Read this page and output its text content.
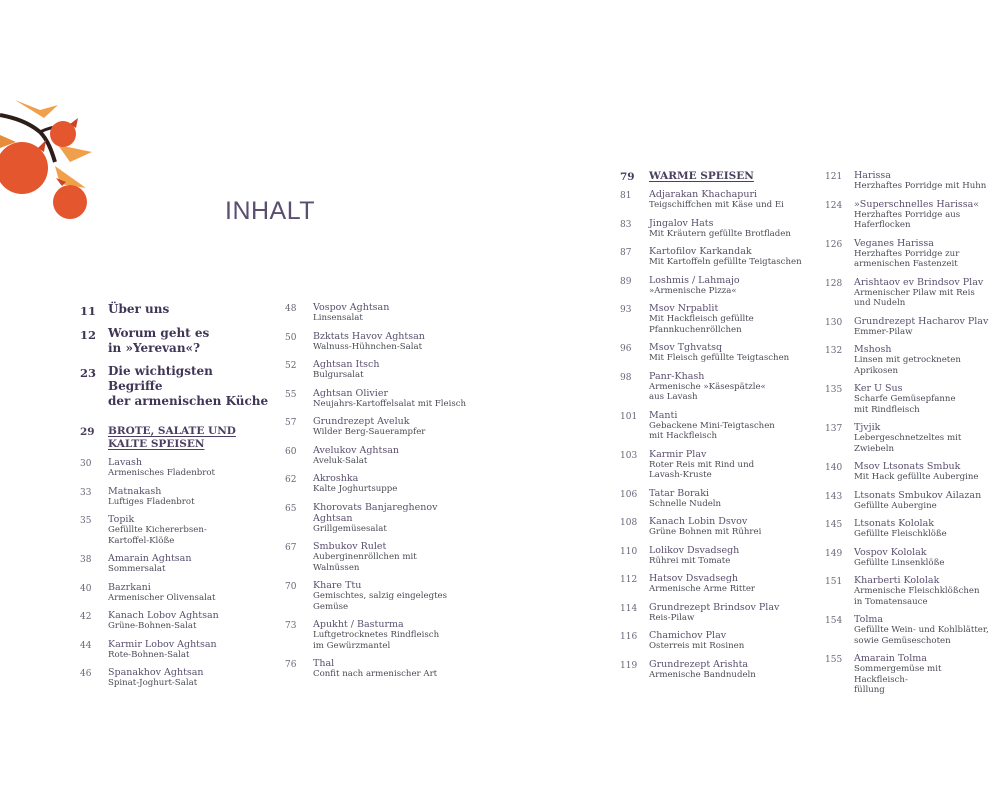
INHALT
11 Über uns
12 Worum geht es
in »Yerevan«?
23 Die wichtigsten Begriffe
der armenischen Küche
29	BROTE, SALATE UND
KALTE SPEISEN
30	Lavash
Armenisches Fladenbrot
33	Matnakash
Luftiges Fladenbrot
35	Topik
Gefüllte Kichererbsen-
Kartoffel-Klöße
38	Amarain Aghtsan
Sommersalat
40	Bazrkani
Armenischer Olivensalat
42	Kanach Lobov Aghtsan
Grüne-Bohnen-Salat
44	Karmir Lobov Aghtsan
Rote-Bohnen-Salat
46	Spanakhov Aghtsan
Spinat-Joghurt-Salat
48	Vospov Aghtsan
Linsensalat
50	Bzktats Havov Aghtsan
Walnuss-Hühnchen-Salat
52	Aghtsan Itsch
Bulgursalat
55	Aghtsan Olivier
Neujahrs-Kartoffelsalat mit Fleisch
57	Grundrezept Aveluk
Wilder Berg-Sauerampfer
60	Avelukov Aghtsan
Aveluk-Salat
62	Akroshka
Kalte Joghurtsuppe
65	Khorovats Banjareghenov
Aghtsan
Grillgemüsesalat
67	Smbukov Rulet
Auberginenröllchen mit
Walnüssen
70	Khare Ttu
Gemischtes, salzig eingelegtes
Gemüse
73	Apukht / Basturma
Luftgetrocknetes Rindfleisch
im Gewürzmantel
76	Thal
Confit nach armenischer Art
79	WARME SPEISEN
81	Adjarakan Khachapuri
Teigschiffchen mit Käse und Ei
83	Jingalov Hats
Mit Kräutern gefüllte Brotfladen
87	Kartofilov Karkandak
Mit Kartoffeln gefüllte Teigtaschen
89	Loshmis / Lahmajo
»Armenische Pizza«
93	Msov Nrpablit
Mit Hackfleisch gefüllte
Pfannkuchenröllchen
96	Msov Tghvatsq
Mit Fleisch gefüllte Teigtaschen
98	Panr-Khash
Armenische »Käsespätzle«
aus Lavash
101	Manti
Gebackene Mini-Teigtaschen
mit Hackfleisch
103	Karmir Plav
Roter Reis mit Rind und
Lavash-Kruste
106	Tatar Boraki
Schnelle Nudeln
108	Kanach Lobin Dsvov
Grüne Bohnen mit Rührei
110	Lolikov Dsvadsegh
Rührei mit Tomate
112	Hatsov Dsvadsegh
Armenische Arme Ritter
114	Grundrezept Brindsov Plav
Reis-Pilaw
116	Chamichov Plav
Osterreis mit Rosinen
119	Grundrezept Arishta
Armenische Bandnudeln
121	Harissa
Herzhaftes Porridge mit Huhn
124	»Superschnelles Harissa«
Herzhaftes Porridge aus
Haferflocken
126	Veganes Harissa
Herzhaftes Porridge zur
armenischen Fastenzeit
128	Arishtaov ev Brindsov Plav
Armenischer Pilaw mit Reis
und Nudeln
130	Grundrezept Hacharov Plav
Emmer-Pilaw
132	Mshosh
Linsen mit getrockneten
Aprikosen
135	Ker U Sus
Scharfe Gemüsepfanne
mit Rindfleisch
137	Tjvjik
Lebergeschnetzeltes mit Zwiebeln
140	Msov Ltsonats Smbuk
Mit Hack gefüllte Aubergine
143	Ltsonats Smbukov Ailazan
Gefüllte Aubergine
145	Ltsonats Kololak
Gefüllte Fleischklöße
149	Vospov Kololak
Gefüllte Linsenklöße
151	Kharberti Kololak
Armenische Fleischklößchen
in Tomatensauce
154	Tolma
Gefüllte Wein- und Kohlblätter,
sowie Gemüseschoten
155	Amarain Tolma
Sommergemüse mit Hackfleisch-
füllung
